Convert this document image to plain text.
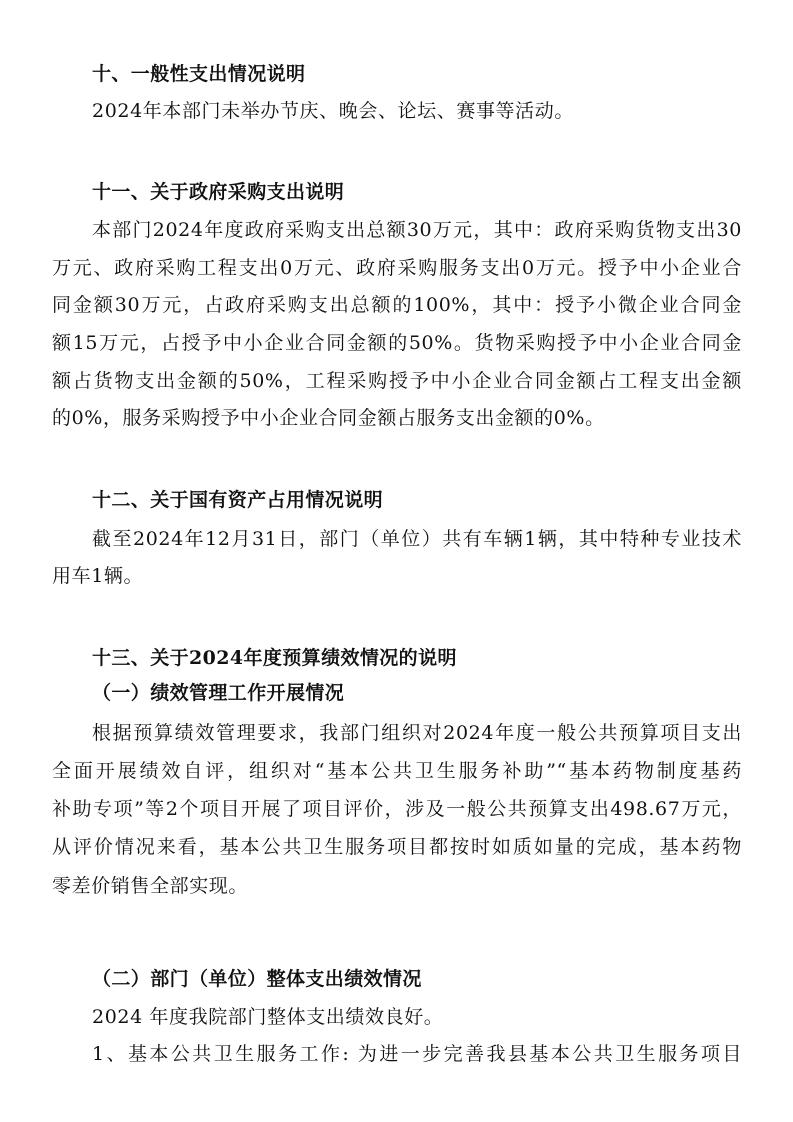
十、一般性支出情况说明
2024年本部门未举办节庆、晚会、论坛、赛事等活动。
十一、关于政府采购支出说明
本部门2024年度政府采购支出总额30万元，其中：政府采购货物支出30
万元、政府采购工程支出0万元、政府采购服务支出0万元。授予中小企业合
同金额30万元，占政府采购支出总额的100%，其中：授予小微企业合同金
额15万元，占授予中小企业合同金额的50%。货物采购授予中小企业合同金
额占货物支出金额的50%，工程采购授予中小企业合同金额占工程支出金额
的0%，服务采购授予中小企业合同金额占服务支出金额的0%。
十二、关于国有资产占用情况说明
截至2024年12月31日，部门（单位）共有车辆1辆，其中特种专业技术
用车1辆。
十三、关于2024年度预算绩效情况的说明
（一）绩效管理工作开展情况
根据预算绩效管理要求，我部门组织对2024年度一般公共预算项目支出
全面开展绩效自评，组织对“基本公共卫生服务补助”“基本药物制度基药
补助专项”等2个项目开展了项目评价，涉及一般公共预算支出498.67万元，
从评价情况来看，基本公共卫生服务项目都按时如质如量的完成，基本药物
零差价销售全部实现。
（二）部门（单位）整体支出绩效情况
2024 年度我院部门整体支出绩效良好。
1、基本公共卫生服务工作: 为进一步完善我县基本公共卫生服务项目
